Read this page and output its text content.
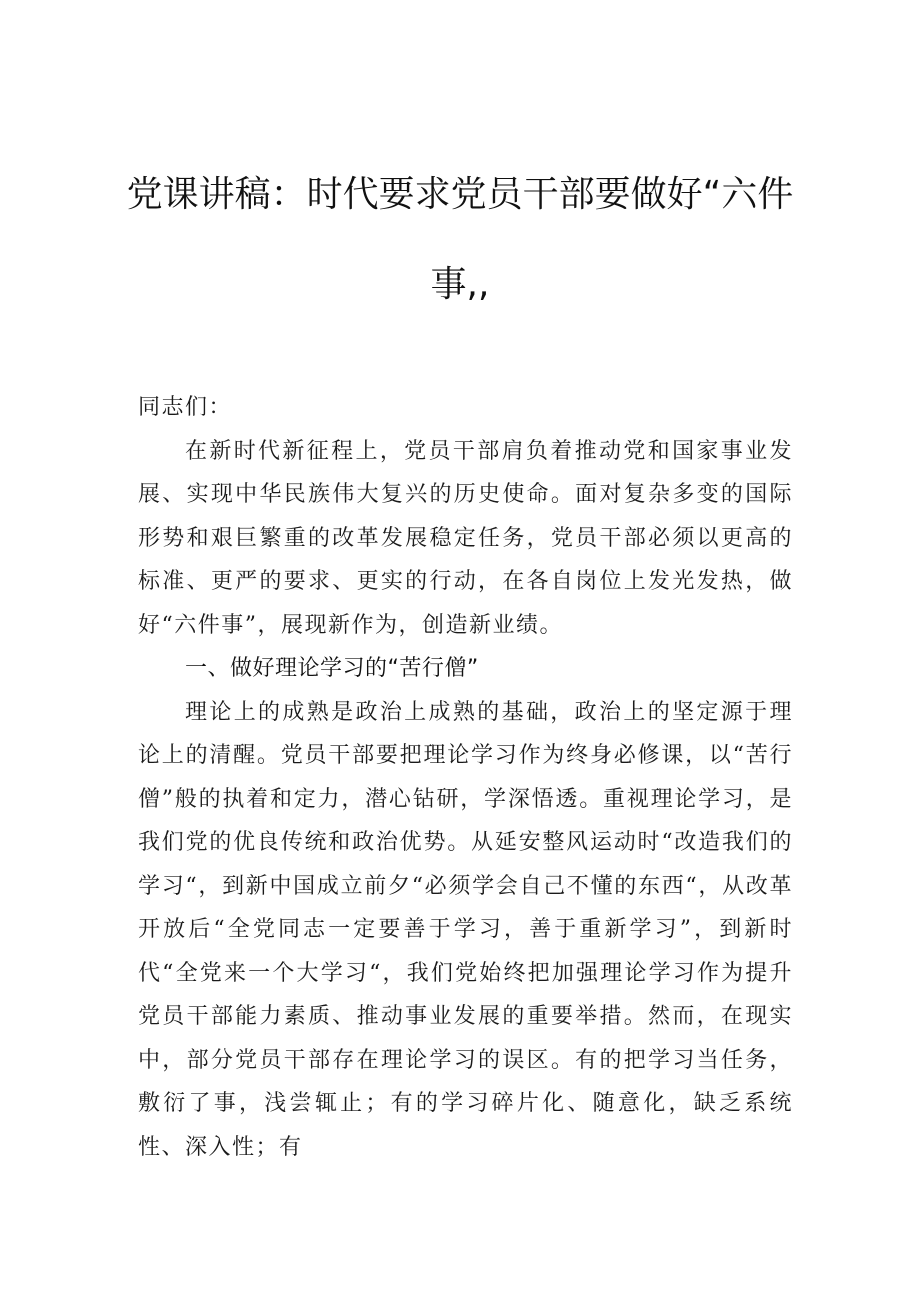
党课讲稿：时代要求党员干部要做好“六件
事,,

同志们：

在新时代新征程上，党员干部肩负着推动党和国家事业发展、实现中华民族伟大复兴的历史使命。面对复杂多变的国际形势和艰巨繁重的改革发展稳定任务，党员干部必须以更高的标准、更严的要求、更实的行动，在各自岗位上发光发热，做好“六件事”，展现新作为，创造新业绩。

一、做好理论学习的“苦行僧”

理论上的成熟是政治上成熟的基础，政治上的坚定源于理论上的清醒。党员干部要把理论学习作为终身必修课，以“苦行僧”般的执着和定力，潜心钻研，学深悟透。重视理论学习，是我们党的优良传统和政治优势。从延安整风运动时“改造我们的学习“，到新中国成立前夕“必须学会自己不懂的东西“，从改革开放后“全党同志一定要善于学习，善于重新学习”，到新时代“全党来一个大学习“，我们党始终把加强理论学习作为提升党员干部能力素质、推动事业发展的重要举措。然而，在现实中，部分党员干部存在理论学习的误区。有的把学习当任务，敷衍了事，浅尝辄止；有的学习碎片化、随意化，缺乏系统性、深入性；有
